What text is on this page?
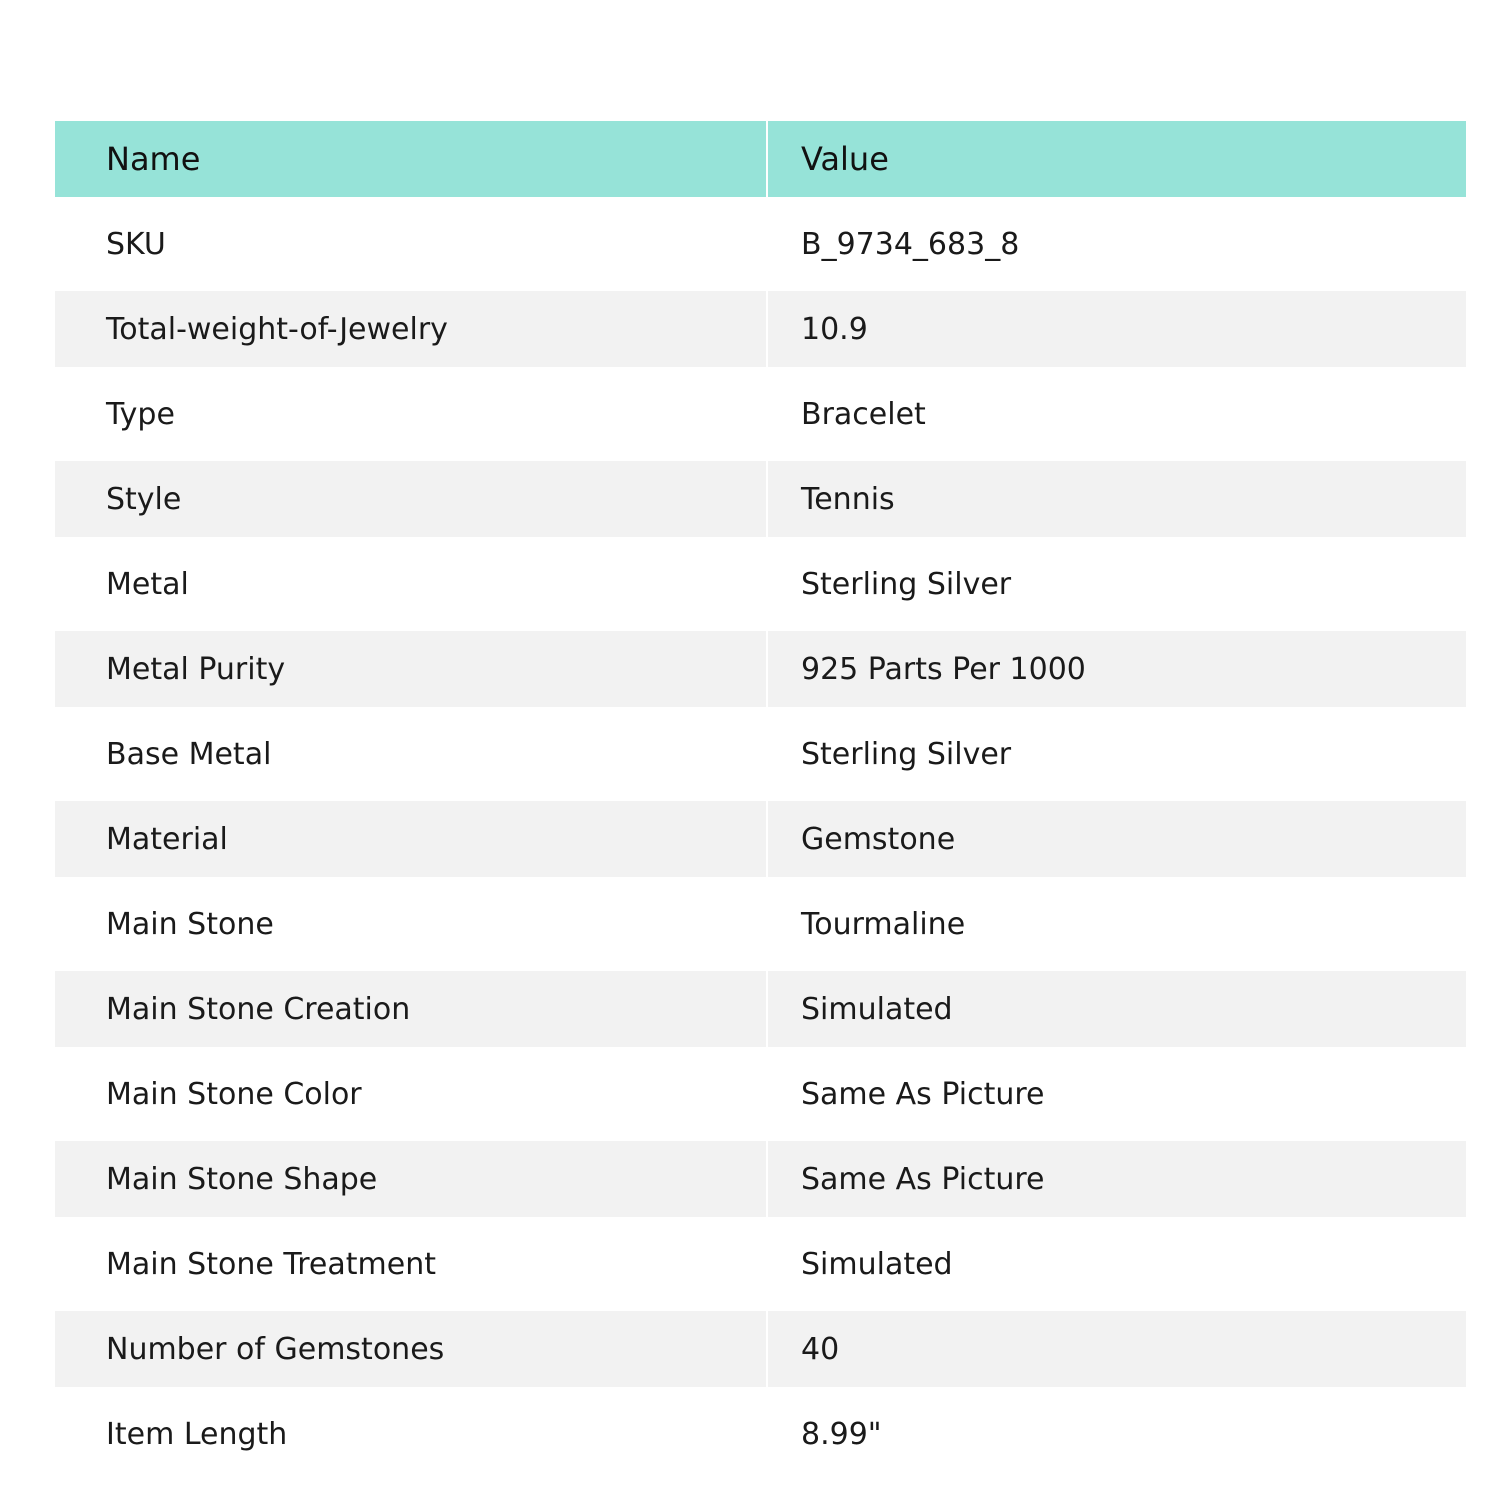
Name	Value
SKU	B_9734_683_8
Total-weight-of-Jewelry	10.9
Type	Bracelet
Style	Tennis
Metal	Sterling Silver
Metal Purity	925 Parts Per 1000
Base Metal	Sterling Silver
Material	Gemstone
Main Stone	Tourmaline
Main Stone Creation	Simulated
Main Stone Color	Same As Picture
Main Stone Shape	Same As Picture
Main Stone Treatment	Simulated
Number of Gemstones	40
Item Length	8.99"
